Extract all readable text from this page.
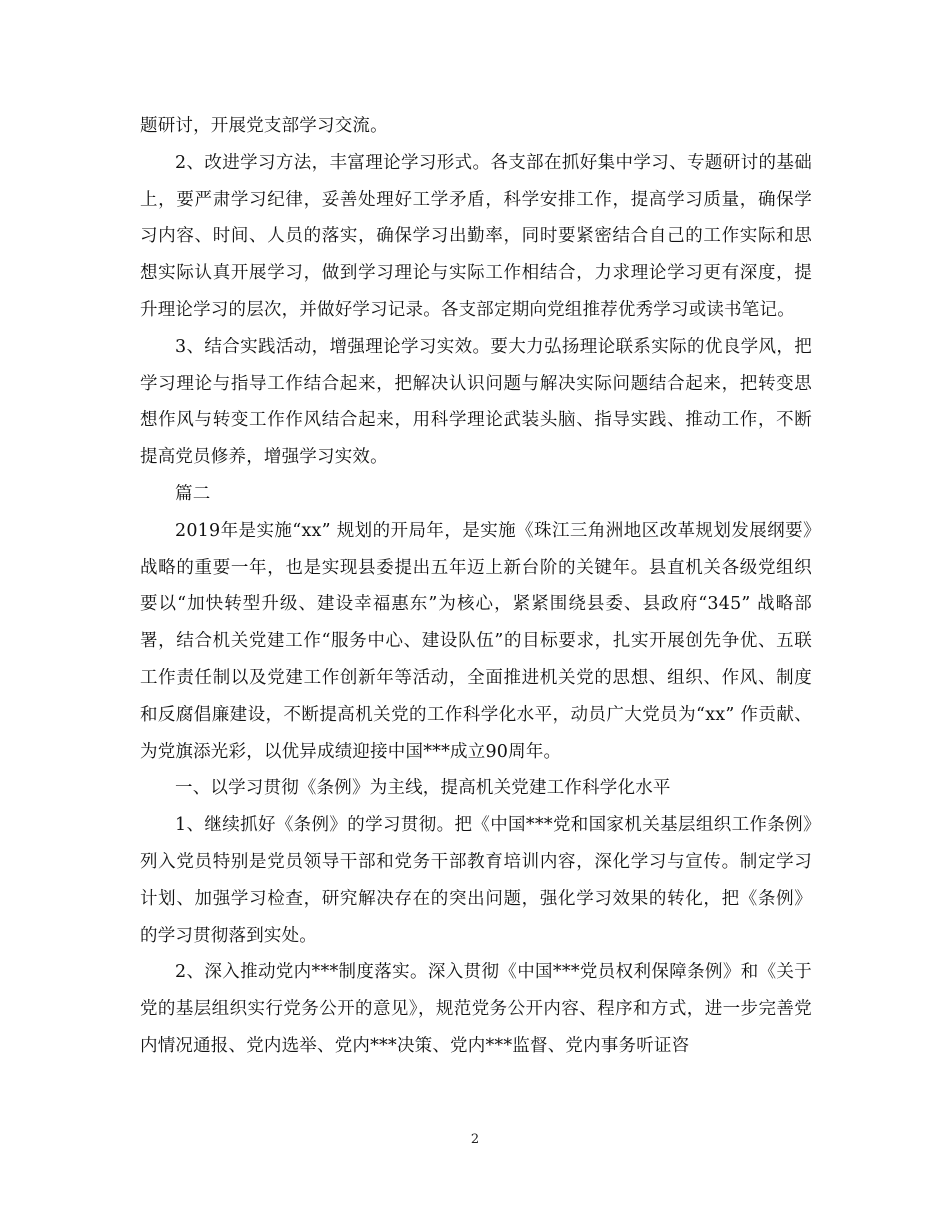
题研讨，开展党支部学习交流。

2、改进学习方法，丰富理论学习形式。各支部在抓好集中学习、专题研讨的基础上，要严肃学习纪律，妥善处理好工学矛盾，科学安排工作，提高学习质量，确保学习内容、时间、人员的落实，确保学习出勤率，同时要紧密结合自己的工作实际和思想实际认真开展学习，做到学习理论与实际工作相结合，力求理论学习更有深度，提升理论学习的层次，并做好学习记录。各支部定期向党组推荐优秀学习或读书笔记。

3、结合实践活动，增强理论学习实效。要大力弘扬理论联系实际的优良学风，把学习理论与指导工作结合起来，把解决认识问题与解决实际问题结合起来，把转变思想作风与转变工作作风结合起来，用科学理论武装头脑、指导实践、推动工作，不断提高党员修养，增强学习实效。

篇二

2019年是实施“xx” 规划的开局年，是实施《珠江三角洲地区改革规划发展纲要》战略的重要一年，也是实现县委提出五年迈上新台阶的关键年。县直机关各级党组织要以“加快转型升级、建设幸福惠东”为核心，紧紧围绕县委、县政府“345” 战略部署，结合机关党建工作“服务中心、建设队伍”的目标要求，扎实开展创先争优、五联工作责任制以及党建工作创新年等活动，全面推进机关党的思想、组织、作风、制度和反腐倡廉建设，不断提高机关党的工作科学化水平，动员广大党员为“xx” 作贡献、为党旗添光彩，以优异成绩迎接中国***成立90周年。

一、以学习贯彻《条例》为主线，提高机关党建工作科学化水平

1、继续抓好《条例》的学习贯彻。把《中国***党和国家机关基层组织工作条例》列入党员特别是党员领导干部和党务干部教育培训内容，深化学习与宣传。制定学习计划、加强学习检查，研究解决存在的突出问题，强化学习效果的转化，把《条例》的学习贯彻落到实处。

2、深入推动党内***制度落实。深入贯彻《中国***党员权利保障条例》和《关于党的基层组织实行党务公开的意见》，规范党务公开内容、程序和方式，进一步完善党内情况通报、党内选举、党内***决策、党内***监督、党内事务听证咨

2
